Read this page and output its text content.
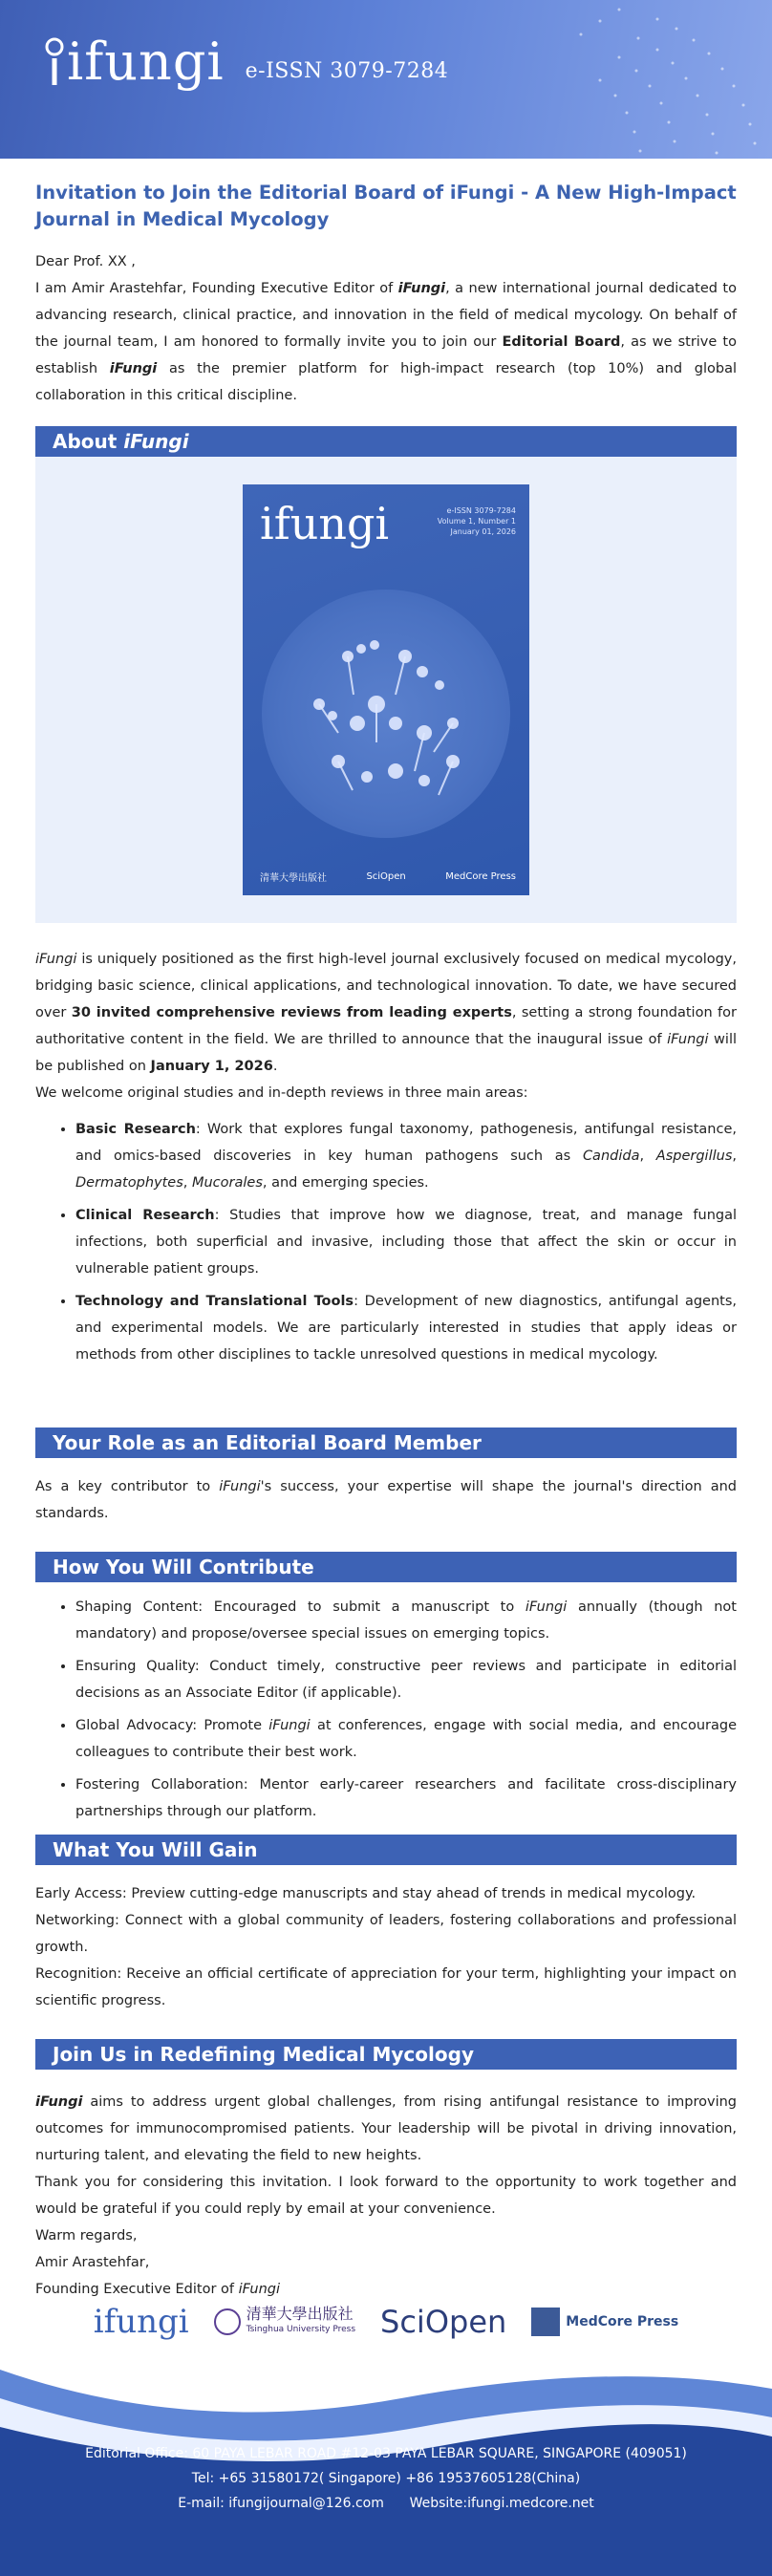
ifungi e-ISSN 3079-7284
Invitation to Join the Editorial Board of iFungi - A New High-Impact Journal in Medical Mycology

Dear Prof. XX ,

I am Amir Arastehfar, Founding Executive Editor of iFungi, a new international journal dedicated to advancing research, clinical practice, and innovation in the field of medical mycology. On behalf of the journal team, I am honored to formally invite you to join our Editorial Board, as we strive to establish iFungi as the premier platform for high-impact research (top 10%) and global collaboration in this critical discipline.

About iFungi
ifungi	e-ISSN 3079-7284
Volume 1, Number 1
January 01, 2026
清華大學出版社	SciOpen	MedCore Press

iFungi is uniquely positioned as the first high-level journal exclusively focused on medical mycology, bridging basic science, clinical applications, and technological innovation. To date, we have secured over 30 invited comprehensive reviews from leading experts, setting a strong foundation for authoritative content in the field. We are thrilled to announce that the inaugural issue of iFungi will be published on January 1, 2026.

We welcome original studies and in-depth reviews in three main areas:

• Basic Research: Work that explores fungal taxonomy, pathogenesis, antifungal resistance, and omics-based discoveries in key human pathogens such as Candida, Aspergillus, Dermatophytes, Mucorales, and emerging species.
• Clinical Research: Studies that improve how we diagnose, treat, and manage fungal infections, both superficial and invasive, including those that affect the skin or occur in vulnerable patient groups.
• Technology and Translational Tools: Development of new diagnostics, antifungal agents, and experimental models. We are particularly interested in studies that apply ideas or methods from other disciplines to tackle unresolved questions in medical mycology.
Your Role as an Editorial Board Member

As a key contributor to iFungi's success, your expertise will shape the journal's direction and standards.

How You Will Contribute
• Shaping Content: Encouraged to submit a manuscript to iFungi annually (though not mandatory) and propose/oversee special issues on emerging topics.
• Ensuring Quality: Conduct timely, constructive peer reviews and participate in editorial decisions as an Associate Editor (if applicable).
• Global Advocacy: Promote iFungi at conferences, engage with social media, and encourage colleagues to contribute their best work.
• Fostering Collaboration: Mentor early-career researchers and facilitate cross-disciplinary partnerships through our platform.
What You Will Gain

Early Access: Preview cutting-edge manuscripts and stay ahead of trends in medical mycology.

Networking: Connect with a global community of leaders, fostering collaborations and professional growth.

Recognition: Receive an official certificate of appreciation for your term, highlighting your impact on scientific progress.

Join Us in Redefining Medical Mycology

iFungi aims to address urgent global challenges, from rising antifungal resistance to improving outcomes for immunocompromised patients. Your leadership will be pivotal in driving innovation, nurturing talent, and elevating the field to new heights.

Thank you for considering this invitation. I look forward to the opportunity to work together and would be grateful if you could reply by email at your convenience.

Warm regards,

Amir Arastehfar,

Founding Executive Editor of iFungi

ifungi	清華大學出版社
Tsinghua University Press SciOpen	MedCore Press
Editorial Office: 60 PAYA LEBAR ROAD #12-03 PAYA LEBAR SQUARE, SINGAPORE (409051)
Tel: +65 31580172( Singapore) +86 19537605128(China)
E-mail: ifungijournal@126.com      Website:ifungi.medcore.net
